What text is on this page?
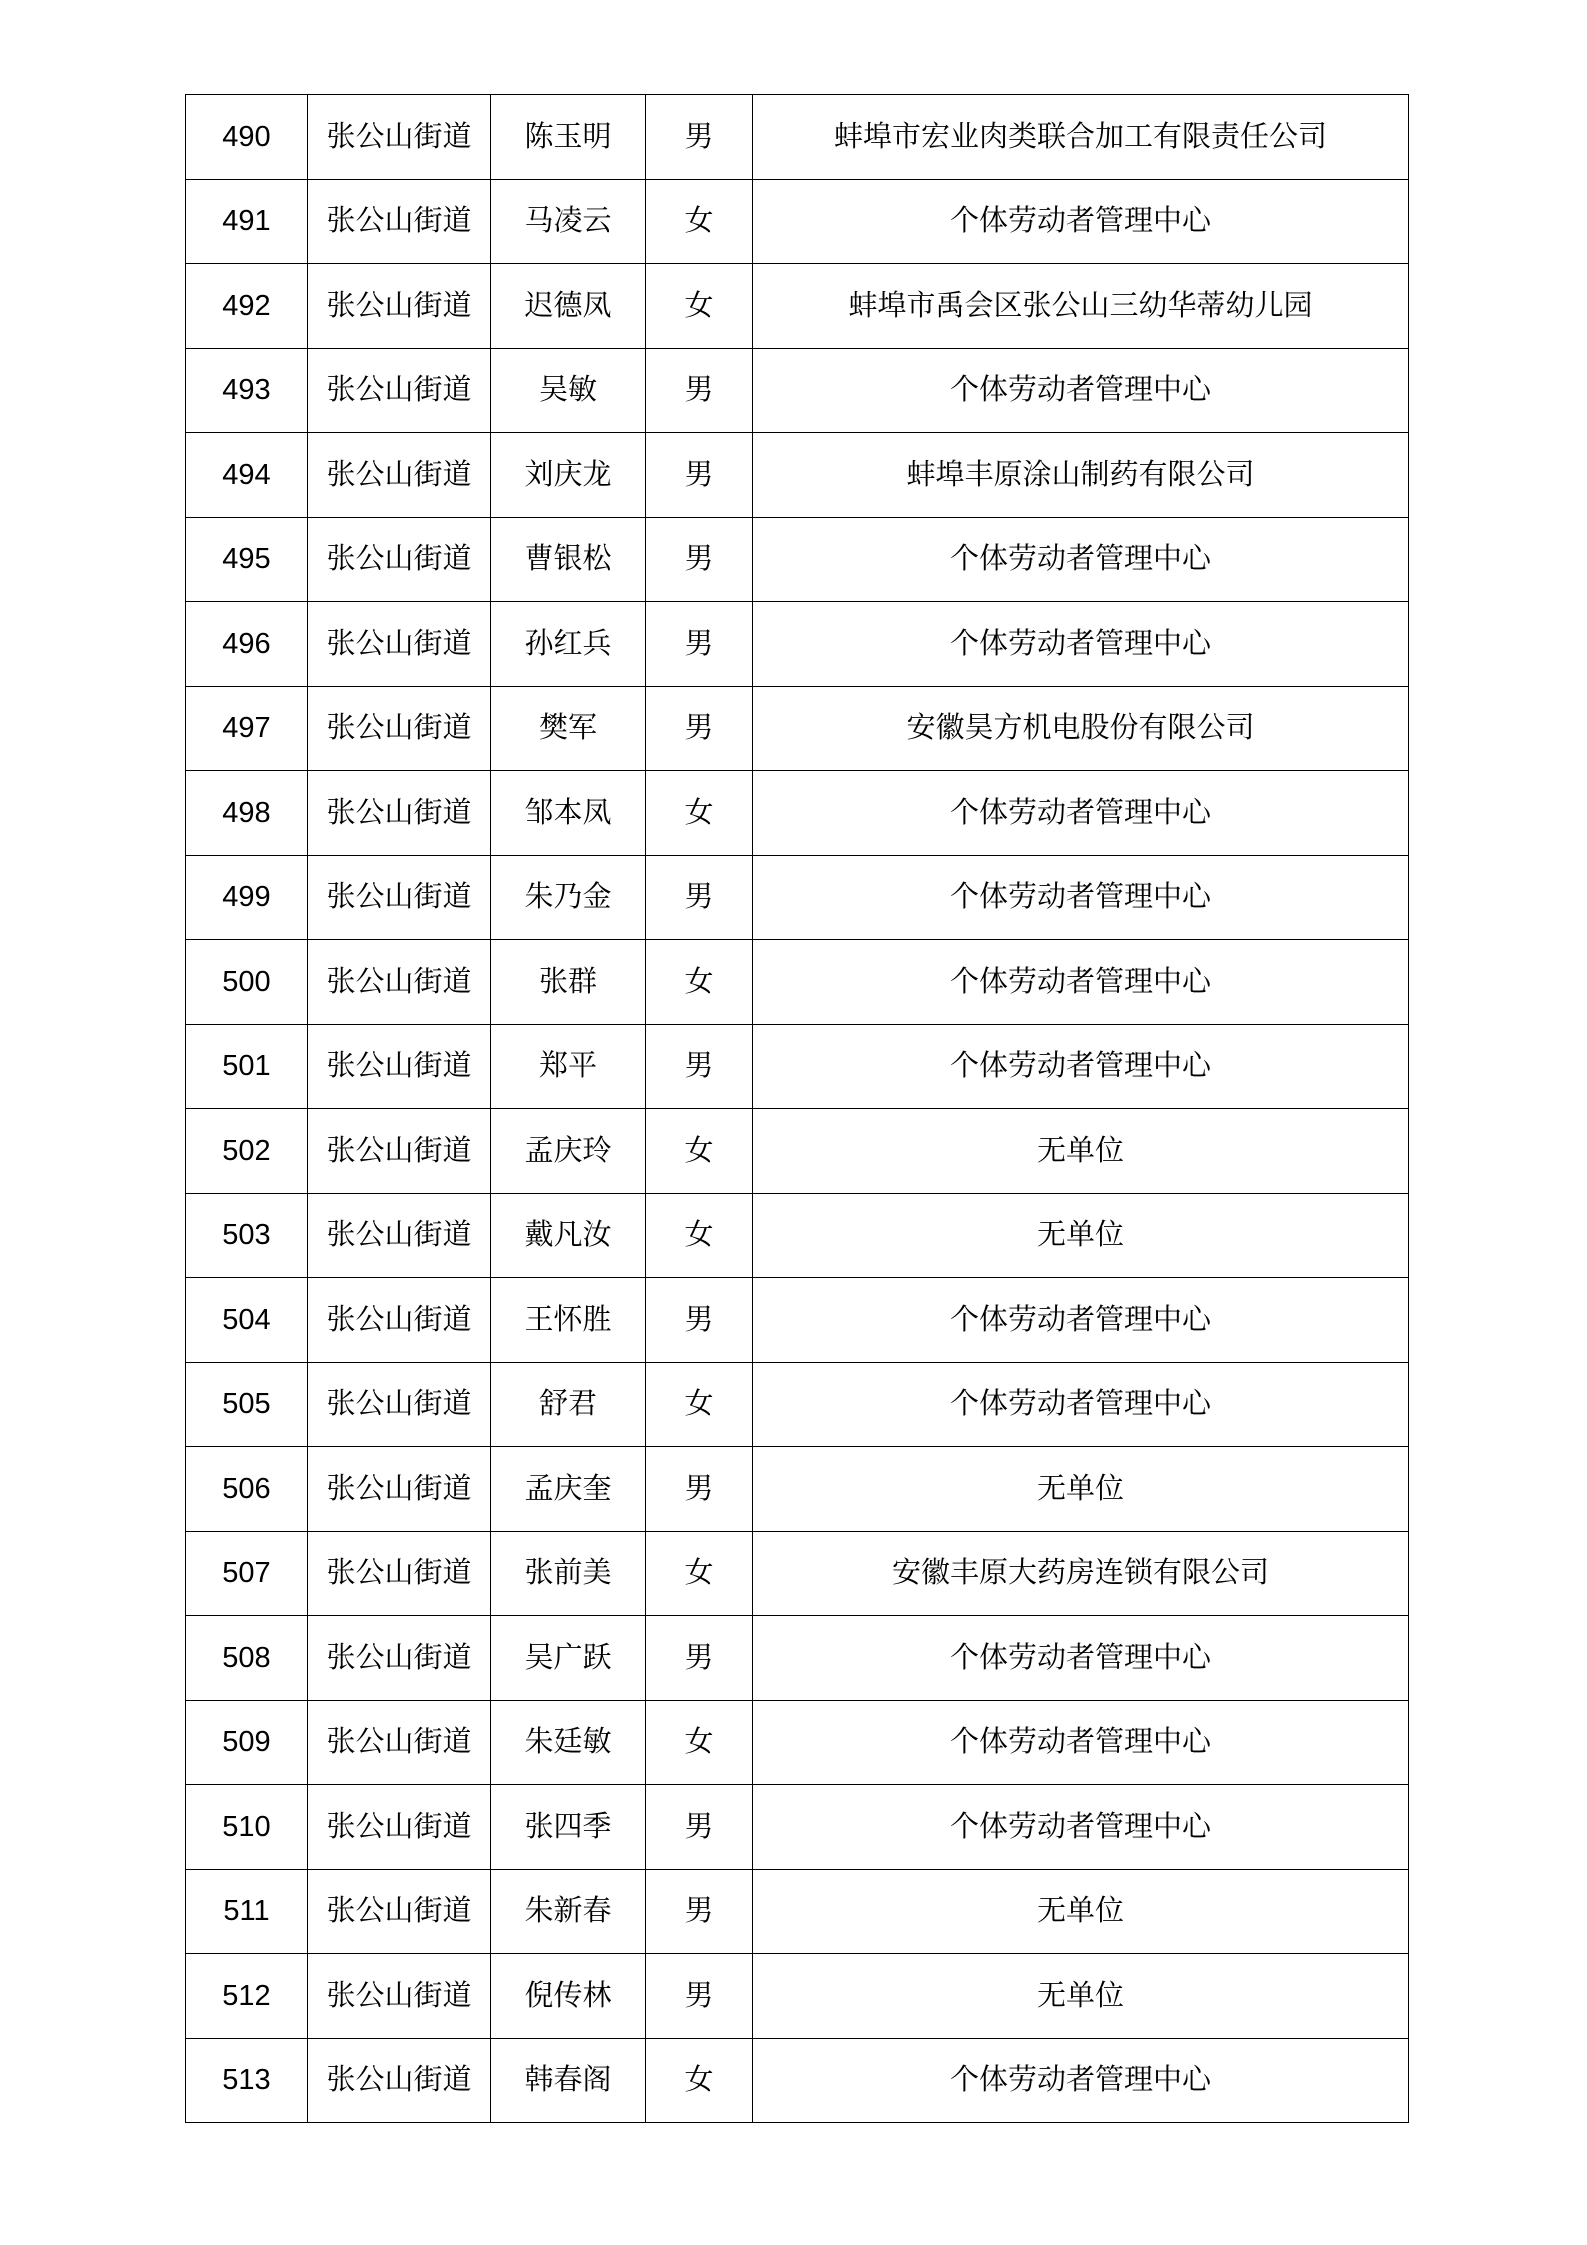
490	张公山街道	陈玉明	男	蚌埠市宏业肉类联合加工有限责任公司
491	张公山街道	马凌云	女	个体劳动者管理中心
492	张公山街道	迟德凤	女	蚌埠市禹会区张公山三幼华蒂幼儿园
493	张公山街道	吴敏	男	个体劳动者管理中心
494	张公山街道	刘庆龙	男	蚌埠丰原涂山制药有限公司
495	张公山街道	曹银松	男	个体劳动者管理中心
496	张公山街道	孙红兵	男	个体劳动者管理中心
497	张公山街道	樊军	男	安徽昊方机电股份有限公司
498	张公山街道	邹本凤	女	个体劳动者管理中心
499	张公山街道	朱乃金	男	个体劳动者管理中心
500	张公山街道	张群	女	个体劳动者管理中心
501	张公山街道	郑平	男	个体劳动者管理中心
502	张公山街道	孟庆玲	女	无单位
503	张公山街道	戴凡汝	女	无单位
504	张公山街道	王怀胜	男	个体劳动者管理中心
505	张公山街道	舒君	女	个体劳动者管理中心
506	张公山街道	孟庆奎	男	无单位
507	张公山街道	张前美	女	安徽丰原大药房连锁有限公司
508	张公山街道	吴广跃	男	个体劳动者管理中心
509	张公山街道	朱廷敏	女	个体劳动者管理中心
510	张公山街道	张四季	男	个体劳动者管理中心
511	张公山街道	朱新春	男	无单位
512	张公山街道	倪传林	男	无单位
513	张公山街道	韩春阁	女	个体劳动者管理中心
